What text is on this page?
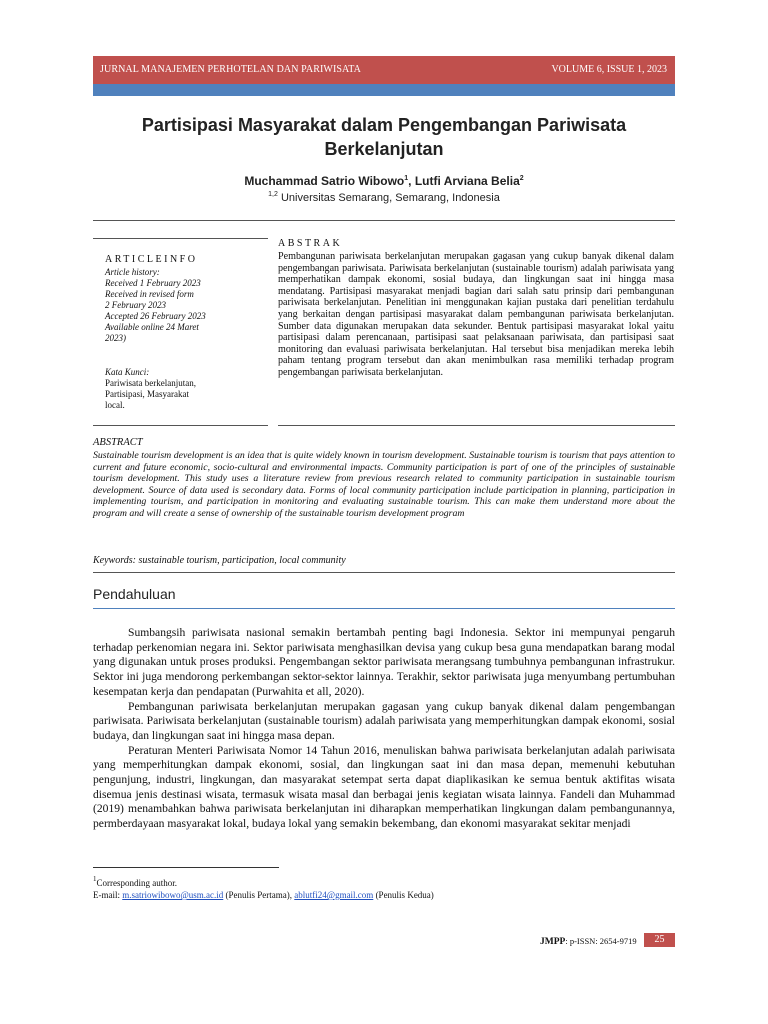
JURNAL MANAJEMEN PERHOTELAN DAN PARIWISATA	VOLUME 6, ISSUE 1, 2023
Partisipasi Masyarakat dalam Pengembangan Pariwisata
Berkelanjutan
Muchammad Satrio Wibowo$^1$, Lutfi Arviana Belia$^2$
$^{1,2}$ Universitas Semarang, Semarang, Indonesia
ARTICLEINFO
Article history:
Received 1 February 2023
Received in revised form
2 February 2023
Accepted 26 February 2023
Available online 24 Maret
2023)
Kata Kunci:
Pariwisata berkelanjutan,
Partisipasi, Masyarakat
local.
ABSTRAK
Pembangunan pariwisata berkelanjutan merupakan gagasan yang cukup banyak dikenal dalam pengembangan pariwisata. Pariwisata berkelanjutan (sustainable tourism) adalah pariwisata yang memperhatikan dampak ekonomi, sosial budaya, dan lingkungan saat ini hingga masa mendatang. Partisipasi masyarakat menjadi bagian dari salah satu prinsip dari pembangunan pariwisata berkelanjutan. Penelitian ini menggunakan kajian pustaka dari penelitian terdahulu yang berkaitan dengan partisipasi masyarakat dalam pembangunan pariwisata berkelanjutan. Sumber data digunakan merupakan data sekunder. Bentuk partisipasi masyarakat lokal yaitu partisipasi dalam perencanaan, partisipasi saat pelaksanaan pariwisata, dan partisipasi saat monitoring dan evaluasi pariwisata berkelanjutan. Hal tersebut bisa menjadikan mereka lebih paham tentang program tersebut dan akan menimbulkan rasa memiliki terhadap program pengembangan pariwisata berkelanjutan.
ABSTRACT
Sustainable tourism development is an idea that is quite widely known in tourism development. Sustainable tourism is tourism that pays attention to current and future economic, socio-cultural and environmental impacts. Community participation is part of one of the principles of sustainable tourism development. This study uses a literature review from previous research related to community participation in sustainable tourism development. Source of data used is secondary data. Forms of local community participation include participation in planning, participation in implementing tourism, and participation in monitoring and evaluating sustainable tourism. This can make them understand more about the program and will create a sense of ownership of the sustainable tourism development program
Keywords: sustainable tourism, participation, local community
Pendahuluan

Sumbangsih pariwisata nasional semakin bertambah penting bagi Indonesia. Sektor ini mempunyai pengaruh terhadap perkenomian negara ini. Sektor pariwisata menghasilkan devisa yang cukup besa guna mendapatkan barang modal yang digunakan untuk proses produksi. Pengembangan sektor pariwisata merangsang tumbuhnya pembangunan infrastrukur. Sektor ini juga mendorong perkembangan sektor-sektor lainnya. Terakhir, sektor pariwisata juga menyumbang pertumbuhan kesempatan kerja dan pendapatan (Purwahita et all, 2020).

Pembangunan pariwisata berkelanjutan merupakan gagasan yang cukup banyak dikenal dalam pengembangan pariwisata. Pariwisata berkelanjutan (sustainable tourism) adalah pariwisata yang memperhitungkan dampak ekonomi, sosial budaya, dan lingkungan saat ini hingga masa depan.

Peraturan Menteri Pariwisata Nomor 14 Tahun 2016, menuliskan bahwa pariwisata berkelanjutan adalah pariwisata yang memperhitungkan dampak ekonomi, sosial, dan lingkungan saat ini dan masa depan, memenuhi kebutuhan pengunjung, industri, lingkungan, dan masyarakat setempat serta dapat diaplikasikan ke semua bentuk aktifitas wisata disemua jenis destinasi wisata, termasuk wisata masal dan berbagai jenis kegiatan wisata lainnya. Fandeli dan Muhammad (2019) menambahkan bahwa pariwisata berkelanjutan ini diharapkan memperhatikan lingkungan dalam pembangunannya, permberdayaan masyarakat lokal, budaya lokal yang semakin bekembang, dan ekonomi masyarakat sekitar menjadi

$^1$Corresponding author.
E-mail: m.satriowibowo@usm.ac.id (Penulis Pertama), ablutfi24@gmail.com (Penulis Kedua)
JMPP: p-ISSN: 2654-9719	25
